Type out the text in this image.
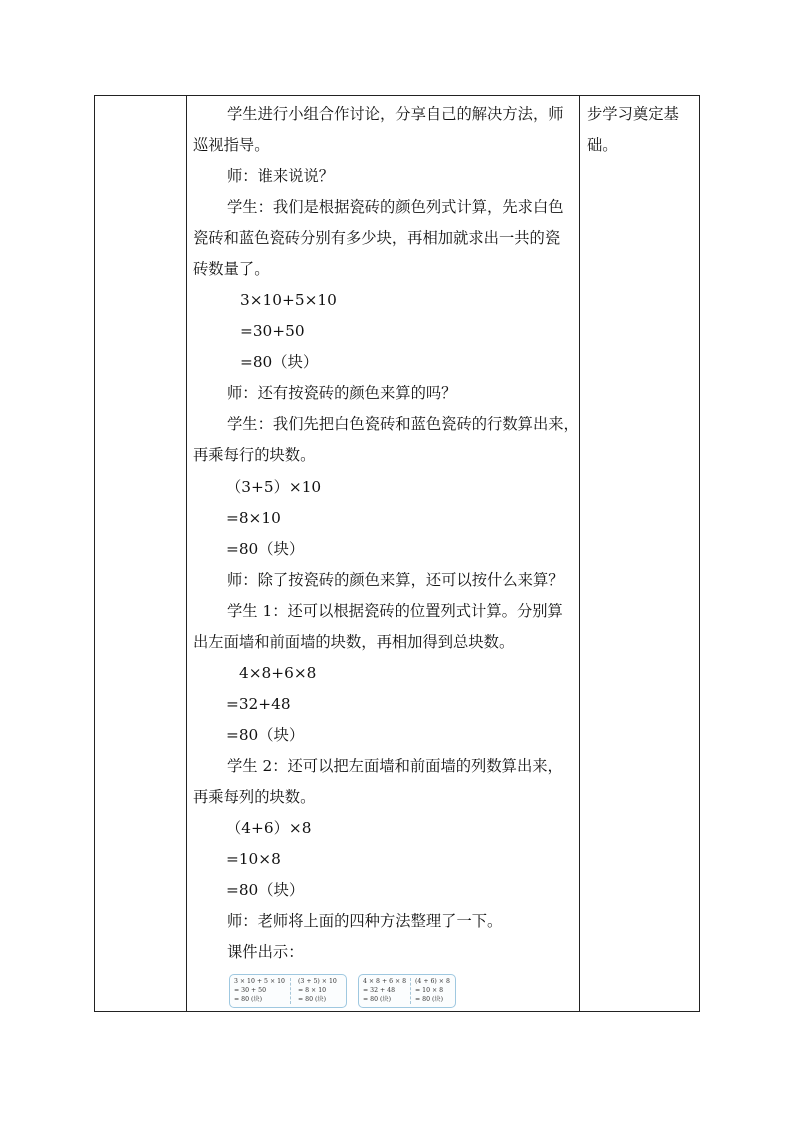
学生进行小组合作讨论，分享自己的解决方法，师
巡视指导。
师：谁来说说？
学生：我们是根据瓷砖的颜色列式计算，先求白色
瓷砖和蓝色瓷砖分别有多少块，再相加就求出一共的瓷
砖数量了。
3×10+5×10
=30+50
=80（块）
师：还有按瓷砖的颜色来算的吗？
学生：我们先把白色瓷砖和蓝色瓷砖的行数算出来，
再乘每行的块数。
（3+5）×10
=8×10
=80（块）
师：除了按瓷砖的颜色来算，还可以按什么来算？
学生 1：还可以根据瓷砖的位置列式计算。分别算
出左面墙和前面墙的块数，再相加得到总块数。
4×8+6×8
=32+48
=80（块）
学生 2：还可以把左面墙和前面墙的列数算出来，
再乘每列的块数。
（4+6）×8
=10×8
=80（块）
师：老师将上面的四种方法整理了一下。
课件出示：
3 × 10 + 5 × 10
= 30 + 50
= 80 (块)
(3 + 5) × 10
= 8 × 10
= 80 (块)
4 × 8 + 6 × 8
= 32 + 48
= 80 (块)
(4 + 6) × 8
= 10 × 8
= 80 (块)
步学习奠定基
础。
